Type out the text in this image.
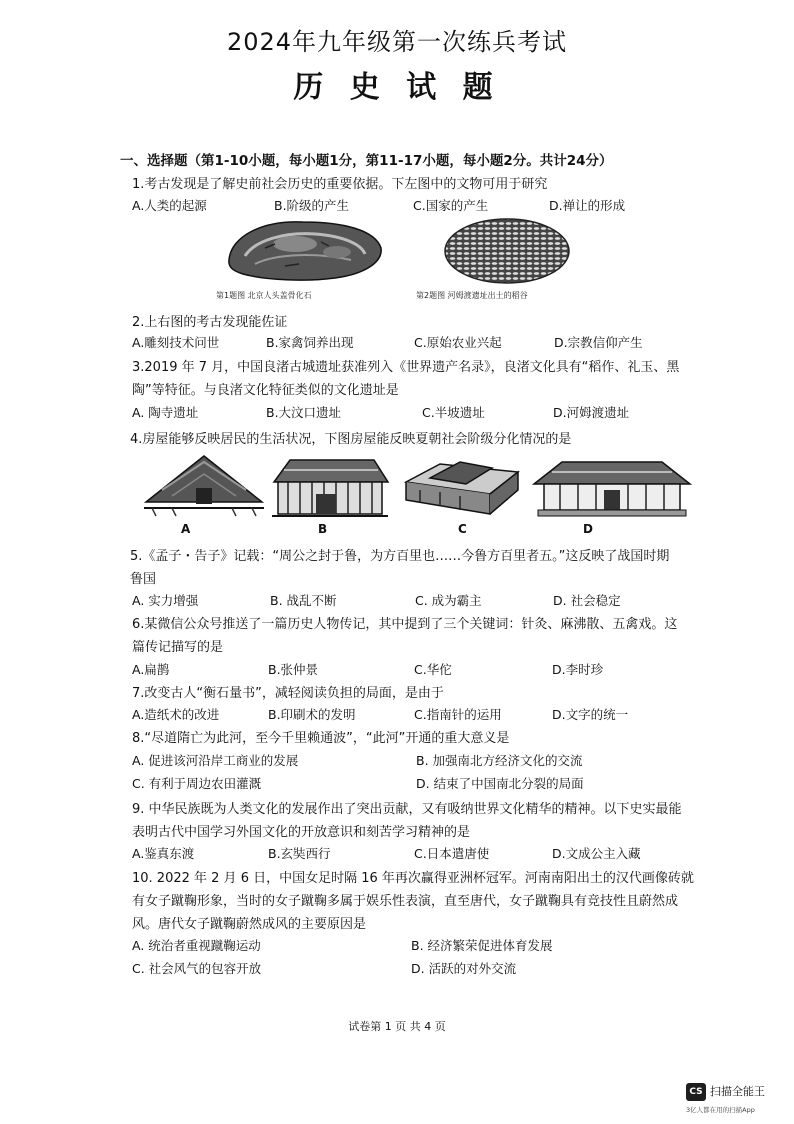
2024年九年级第一次练兵考试
历 史 试 题
一、选择题（第1-10小题，每小题1分，第11-17小题，每小题2分。共计24分）
1.考古发现是了解史前社会历史的重要依据。下左图中的文物可用于研究
A.人类的起源	B.阶级的产生	C.国家的产生	D.禅让的形成
第1题图 北京人头盖骨化石	第2题图 河姆渡遗址出土的稻谷
2.上右图的考古发现能佐证
A.雕刻技术问世	B.家禽饲养出现	C.原始农业兴起	D.宗教信仰产生
3.2019 年 7 月，中国良渚古城遗址获准列入《世界遗产名录》，良渚文化具有“稻作、礼玉、黑
陶”等特征。与良渚文化特征类似的文化遗址是
A. 陶寺遗址	B.大汶口遗址	C.半坡遗址	D.河姆渡遗址
4.房屋能够反映居民的生活状况，下图房屋能反映夏朝社会阶级分化情况的是
A	B	C	D
5.《孟子・告子》记载：“周公之封于鲁，为方百里也……今鲁方百里者五。”这反映了战国时期
鲁国
A. 实力增强	B. 战乱不断	C. 成为霸主	D. 社会稳定
6.某微信公众号推送了一篇历史人物传记，其中提到了三个关键词：针灸、麻沸散、五禽戏。这
篇传记描写的是
A.扁鹊	B.张仲景	C.华佗	D.李时珍
7.改变古人“衡石量书”，减轻阅读负担的局面，是由于
A.造纸术的改进	B.印刷术的发明	C.指南针的运用	D.文字的统一
8.“尽道隋亡为此河，至今千里赖通波”，“此河”开通的重大意义是
A. 促进该河沿岸工商业的发展	B. 加强南北方经济文化的交流
C. 有利于周边农田灌溉	D. 结束了中国南北分裂的局面
9. 中华民族既为人类文化的发展作出了突出贡献，又有吸纳世界文化精华的精神。以下史实最能
表明古代中国学习外国文化的开放意识和刻苦学习精神的是
A.鉴真东渡	B.玄奘西行	C.日本遣唐使	D.文成公主入藏
10. 2022 年 2 月 6 日，中国女足时隔 16 年再次赢得亚洲杯冠军。河南南阳出土的汉代画像砖就
有女子蹴鞠形象，当时的女子蹴鞠多属于娱乐性表演，直至唐代，女子蹴鞠具有竞技性且蔚然成
风。唐代女子蹴鞠蔚然成风的主要原因是
A. 统治者重视蹴鞠运动	B. 经济繁荣促进体育发展
C. 社会风气的包容开放	D. 活跃的对外交流
试卷第 1 页 共 4 页
CS 扫描全能王
3亿人都在用的扫描App
